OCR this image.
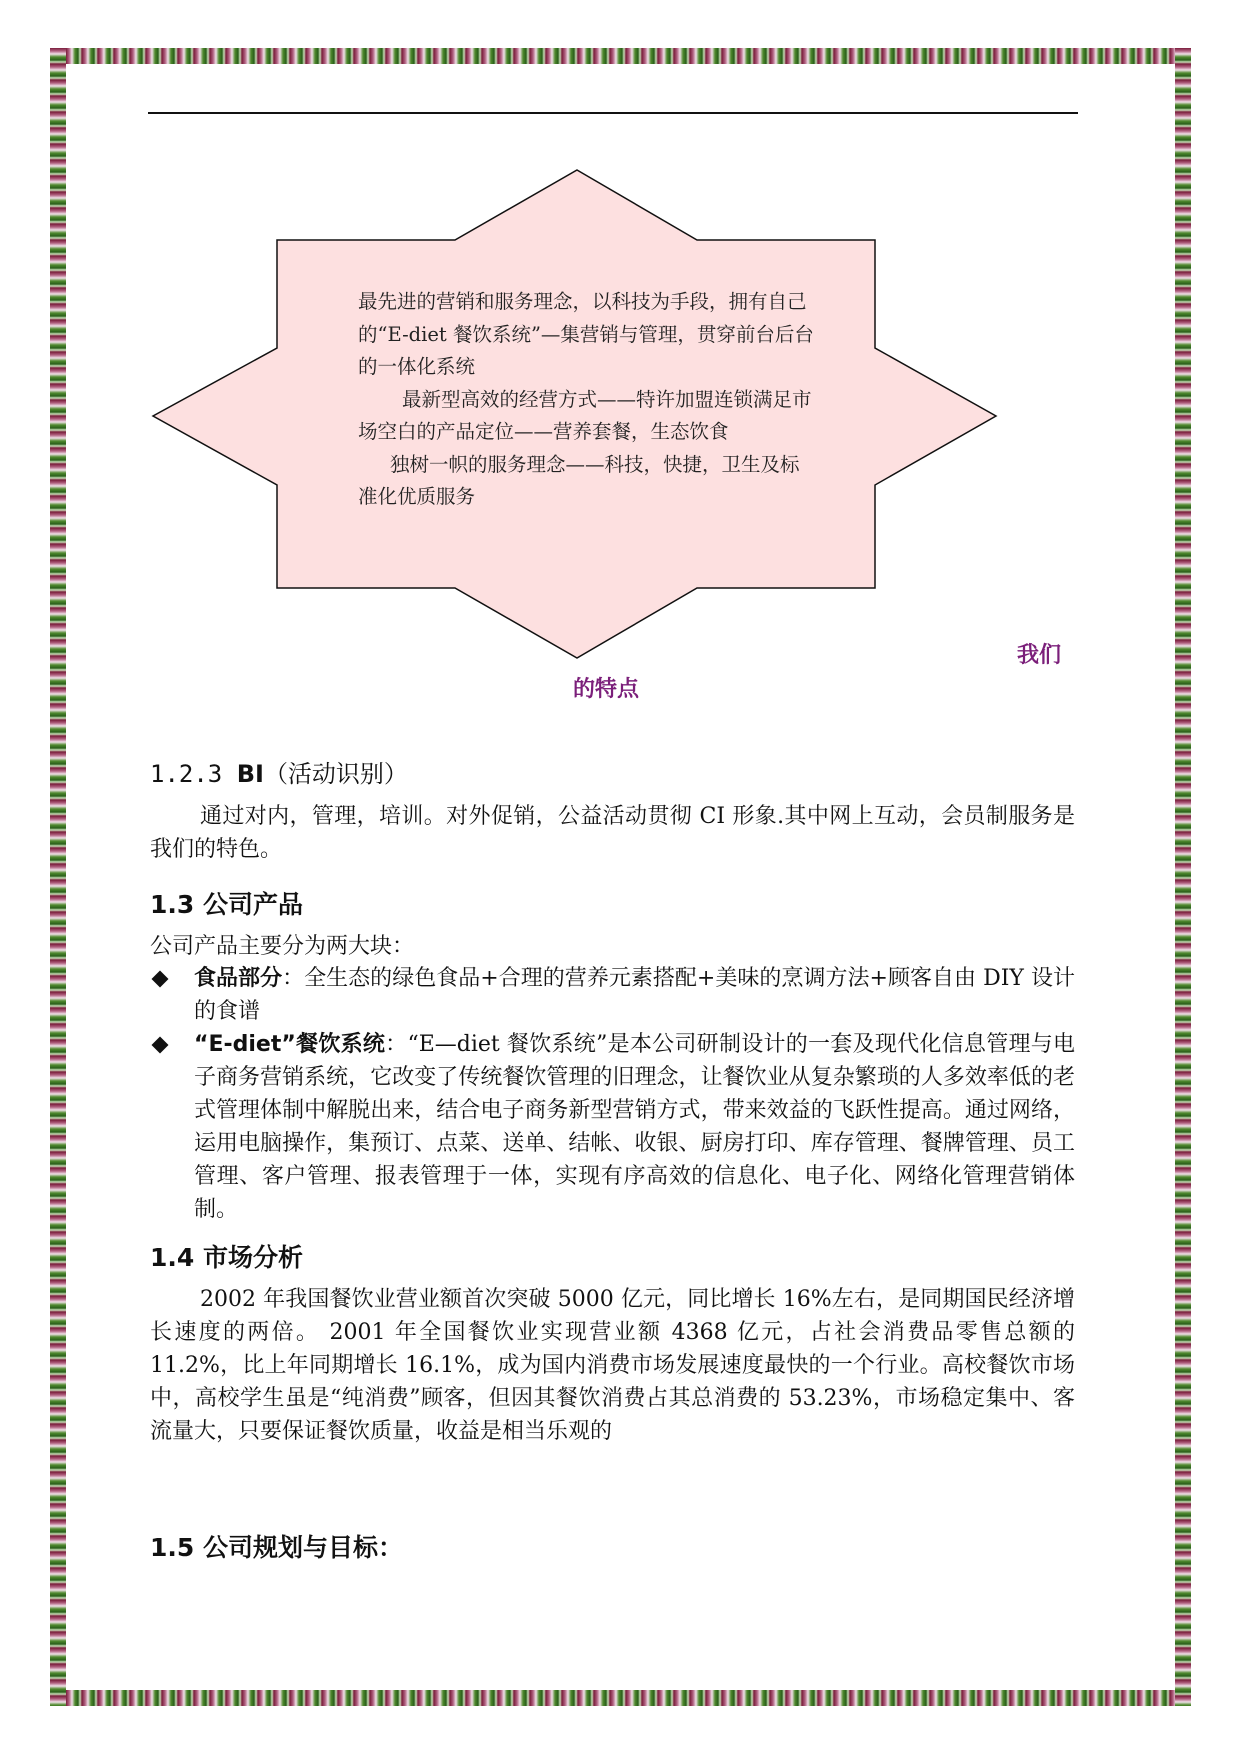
最先进的营销和服务理念，以科技为手段，拥有自己的“E-diet 餐饮系统”—集营销与管理，贯穿前台后台的一体化系统

最新型高效的经营方式——特许加盟连锁满足市场空白的产品定位——营养套餐，生态饮食

独树一帜的服务理念——科技，快捷，卫生及标准化优质服务

我们
的特点
1.2.3 BI（活动识别）
通过对内，管理，培训。对外促销，公益活动贯彻 CI 形象.其中网上互动，会员制服务是我们的特色。
1.3 公司产品
公司产品主要分为两大块：
食品部分：全生态的绿色食品+合理的营养元素搭配+美味的烹调方法+顾客自由 DIY 设计的食谱
“E-diet”餐饮系统：“E—diet 餐饮系统”是本公司研制设计的一套及现代化信息管理与电子商务营销系统，它改变了传统餐饮管理的旧理念，让餐饮业从复杂繁琐的人多效率低的老式管理体制中解脱出来，结合电子商务新型营销方式，带来效益的飞跃性提高。通过网络，运用电脑操作，集预订、点菜、送单、结帐、收银、厨房打印、库存管理、餐牌管理、员工管理、客户管理、报表管理于一体，实现有序高效的信息化、电子化、网络化管理营销体制。
1.4 市场分析
2002 年我国餐饮业营业额首次突破 5000 亿元，同比增长 16%左右，是同期国民经济增长速度的两倍。 2001 年全国餐饮业实现营业额 4368 亿元，占社会消费品零售总额的 11.2%，比上年同期增长 16.1%，成为国内消费市场发展速度最快的一个行业。高校餐饮市场中，高校学生虽是“纯消费”顾客，但因其餐饮消费占其总消费的 53.23%，市场稳定集中、客流量大，只要保证餐饮质量，收益是相当乐观的
1.5 公司规划与目标：
